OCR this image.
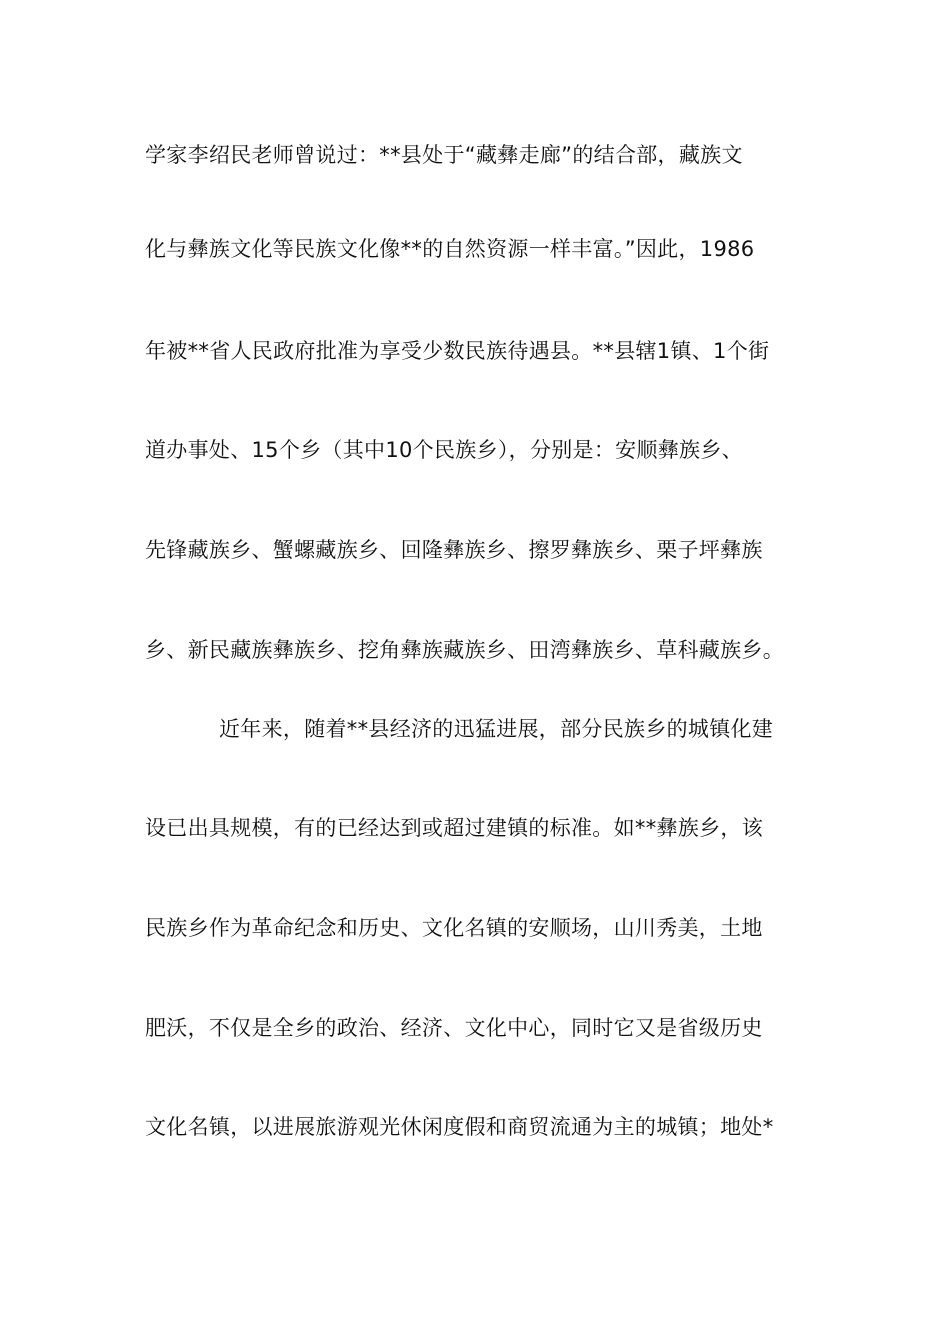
学家李绍民老师曾说过：**县处于“藏彝走廊”的结合部，藏族文

化与彝族文化等民族文化像**的自然资源一样丰富。”因此，1986

年被**省人民政府批准为享受少数民族待遇县。**县辖1镇、1个街

道办事处、15个乡（其中10个民族乡），分别是：安顺彝族乡、

先锋藏族乡、蟹螺藏族乡、回隆彝族乡、擦罗彝族乡、栗子坪彝族

乡、新民藏族彝族乡、挖角彝族藏族乡、田湾彝族乡、草科藏族乡。

近年来，随着**县经济的迅猛进展，部分民族乡的城镇化建

设已出具规模，有的已经达到或超过建镇的标准。如**彝族乡，该

民族乡作为革命纪念和历史、文化名镇的安顺场，山川秀美，土地

肥沃，不仅是全乡的政治、经济、文化中心，同时它又是省级历史

文化名镇，以进展旅游观光休闲度假和商贸流通为主的城镇；地处*
